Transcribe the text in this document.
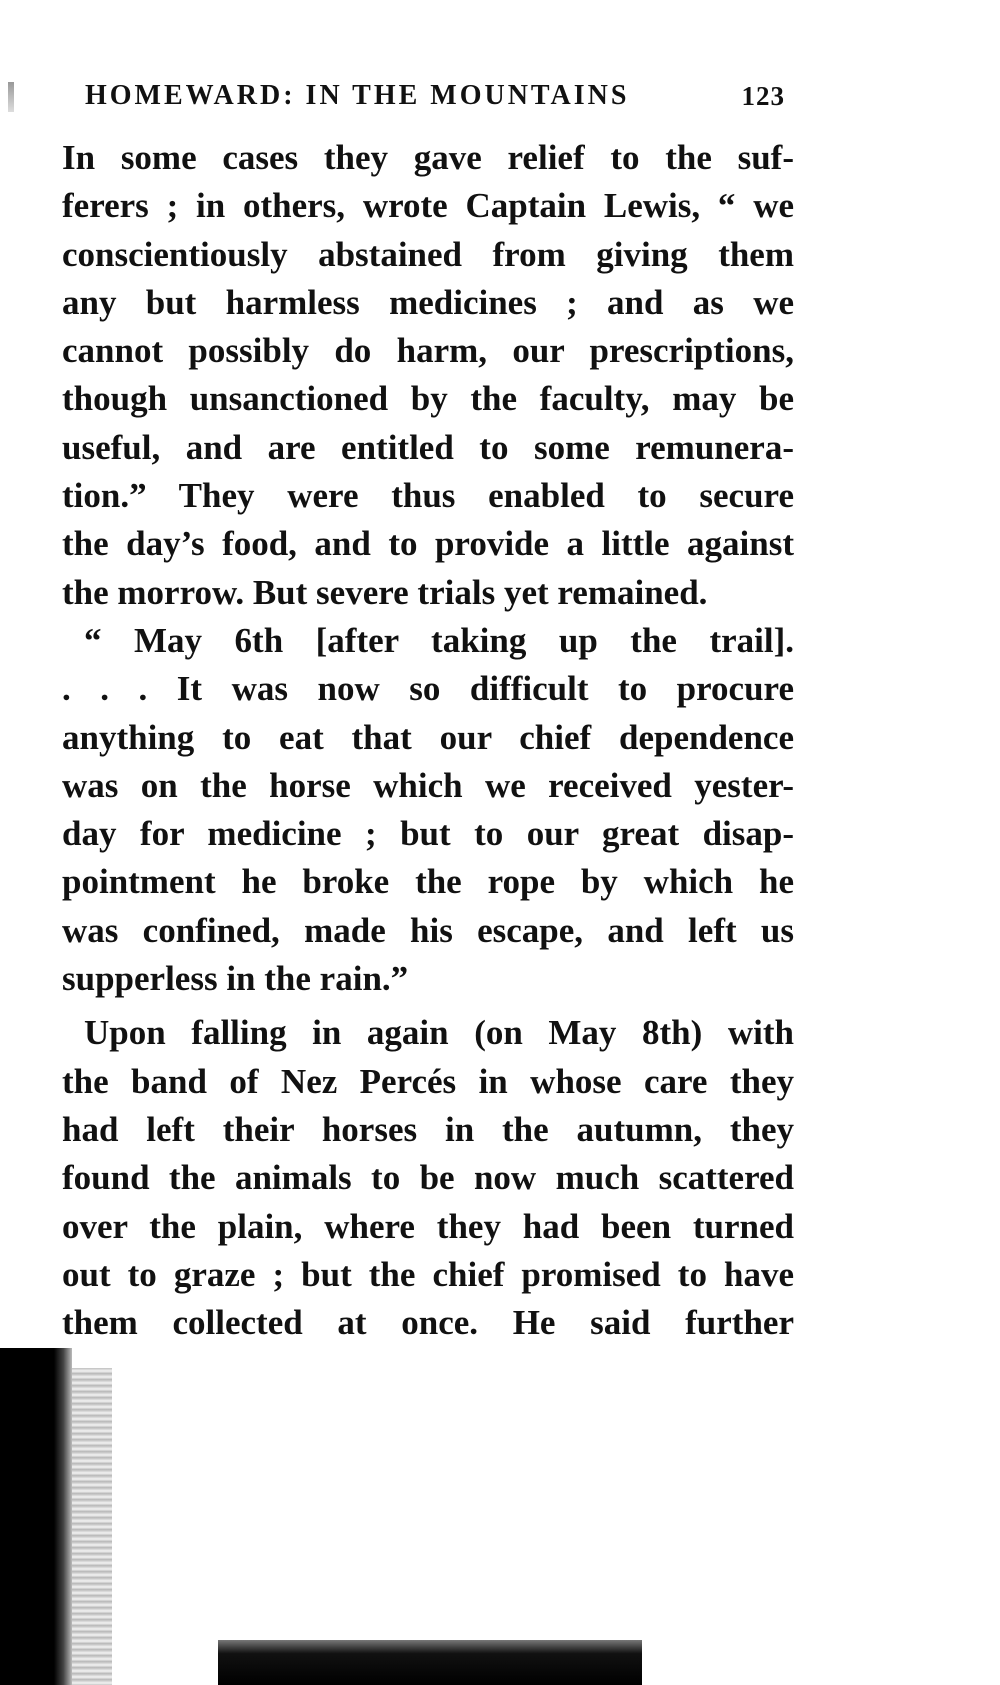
HOMEWARD: IN THE MOUNTAINS	123
In some cases they gave relief to the suf-
ferers ; in others, wrote Captain Lewis, “ we
conscientiously abstained from giving them
any but harmless medicines ; and as we
cannot possibly do harm, our prescriptions,
though unsanctioned by the faculty, may be
useful, and are entitled to some remunera-
tion.” They were thus enabled to secure
the day’s food, and to provide a little against
the morrow. But severe trials yet remained.
“ May 6th [after taking up the trail].
. . . It was now so difficult to procure
anything to eat that our chief dependence
was on the horse which we received yester-
day for medicine ; but to our great disap-
pointment he broke the rope by which he
was confined, made his escape, and left us
supperless in the rain.”
Upon falling in again (on May 8th) with
the band of Nez Percés in whose care they
had left their horses in the autumn, they
found the animals to be now much scattered
over the plain, where they had been turned
out to graze ; but the chief promised to have
them collected at once. He said further
